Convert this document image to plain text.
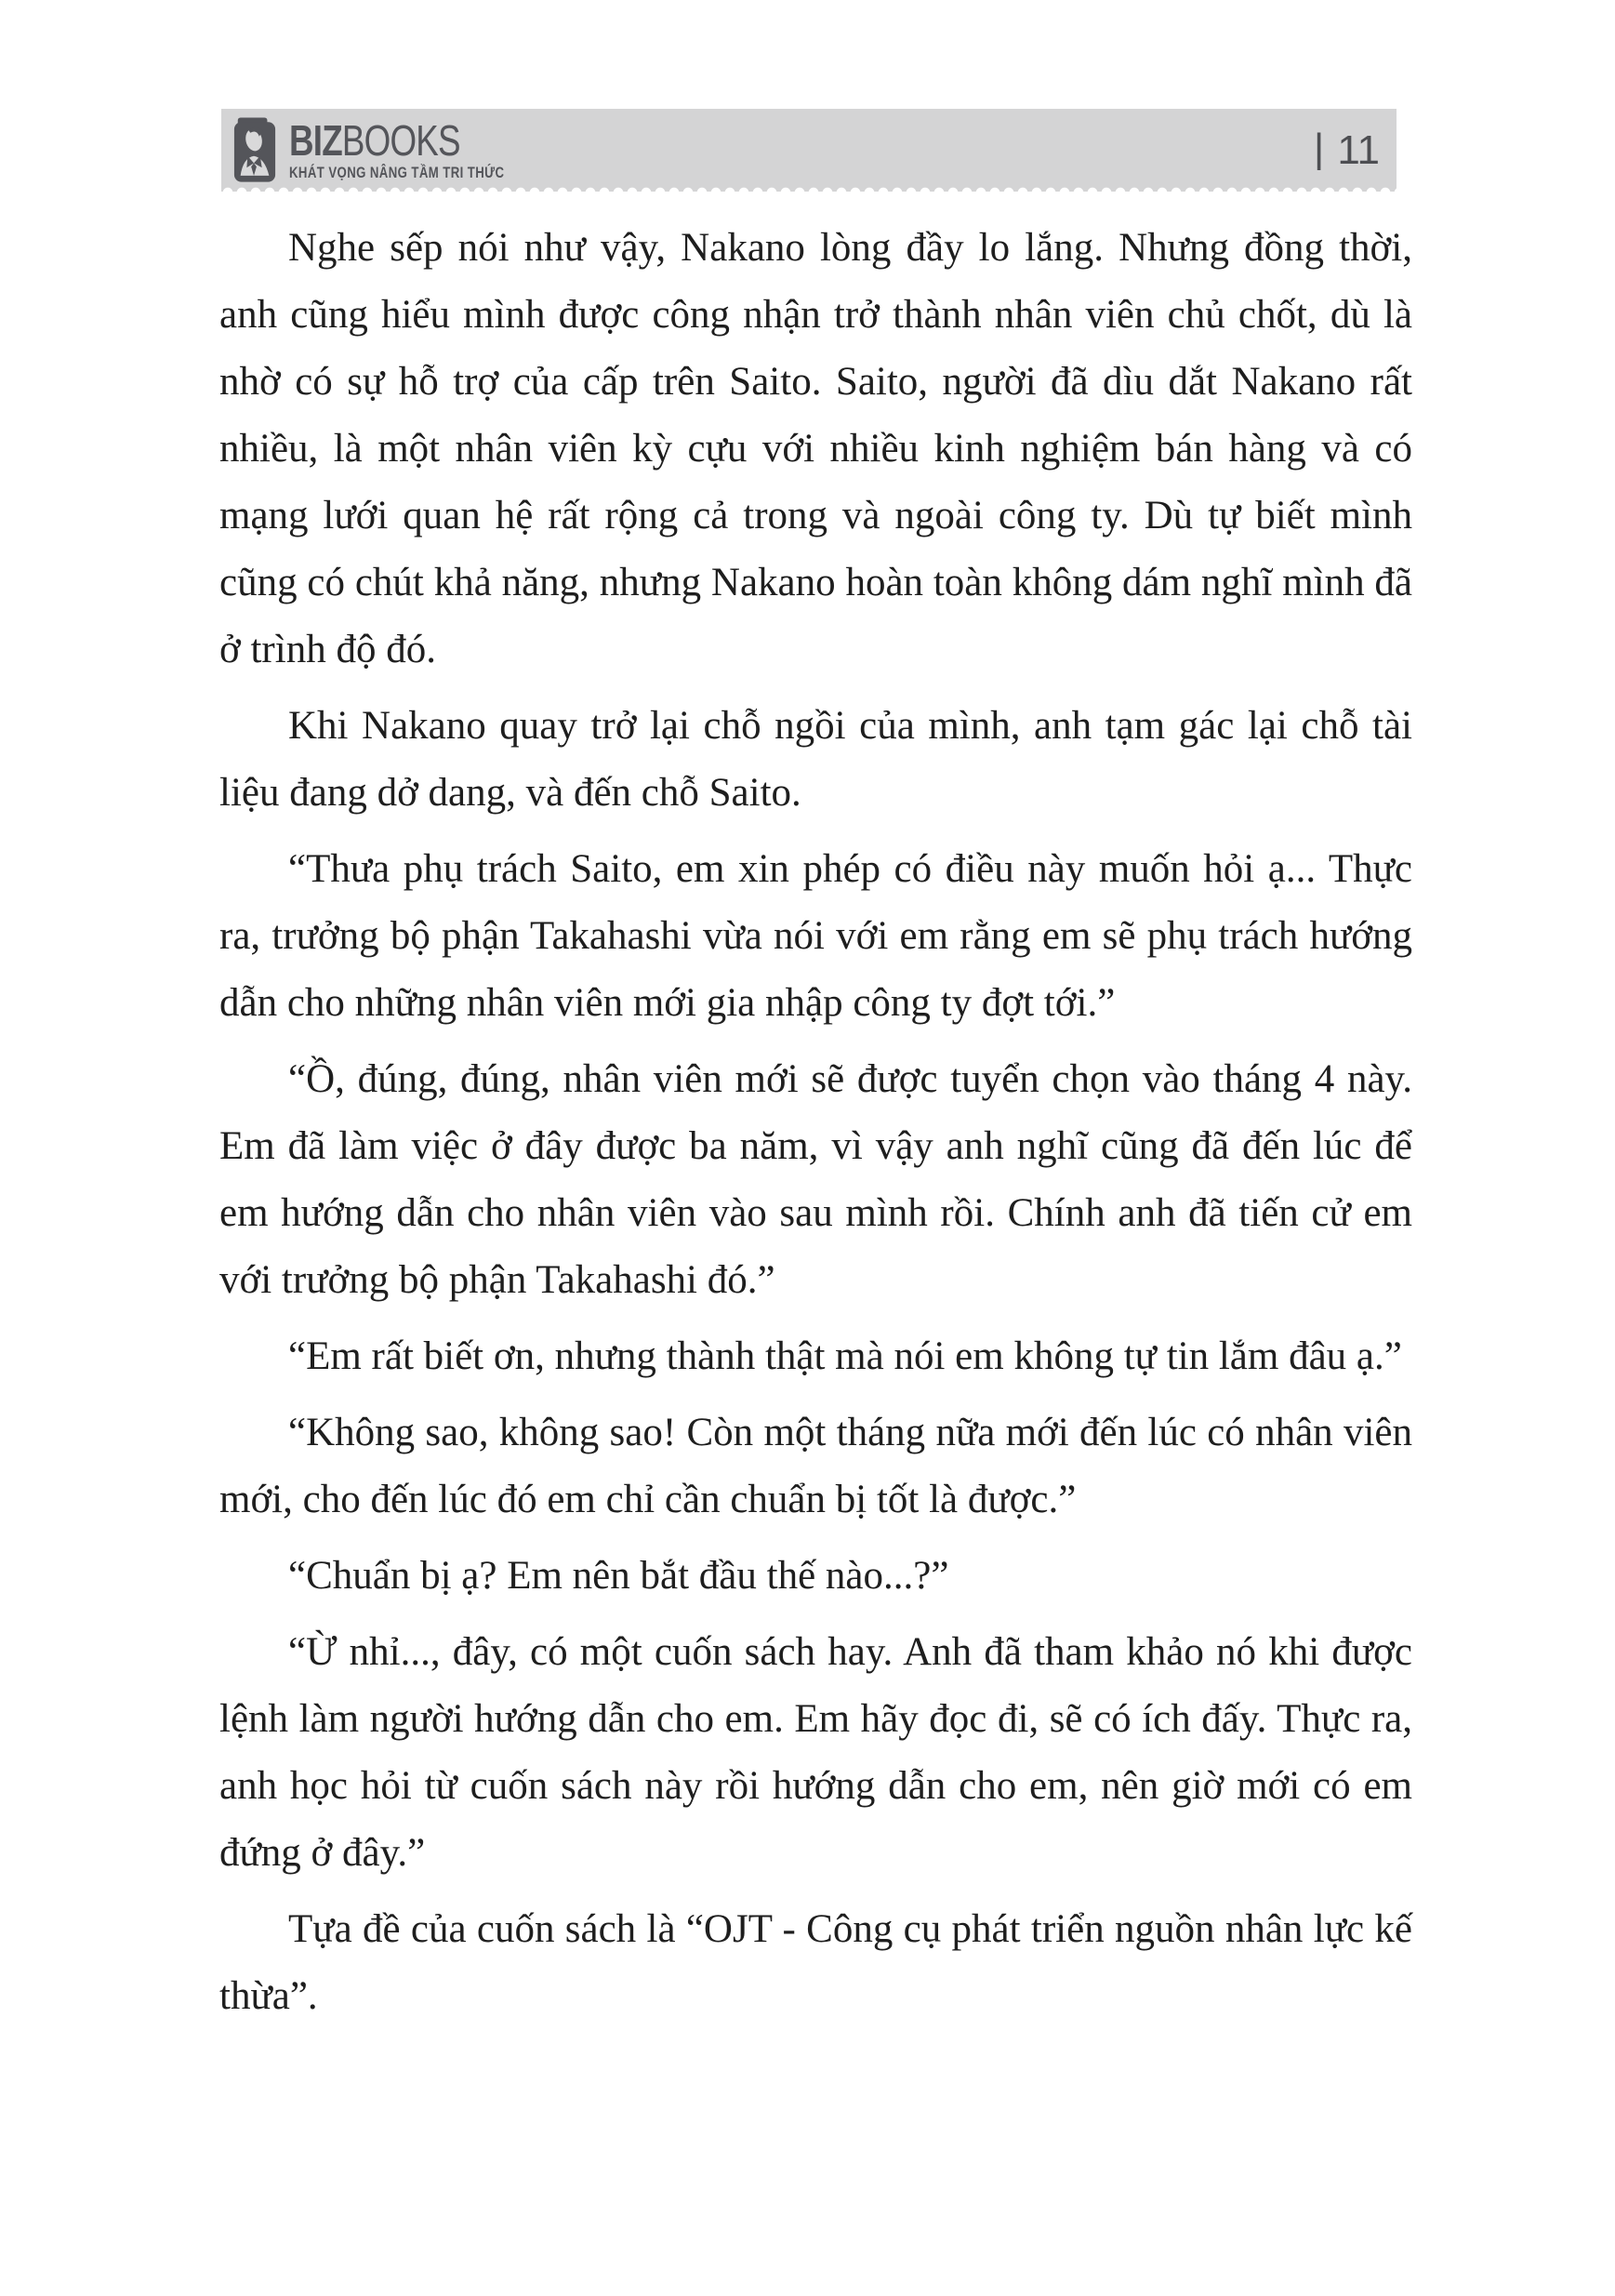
BIZBOOKS
KHÁT VỌNG NÂNG TẦM TRI THỨC
| 11

Nghe sếp nói như vậy, Nakano lòng đầy lo lắng. Nhưng đồng thời, anh cũng hiểu mình được công nhận trở thành nhân viên chủ chốt, dù là nhờ có sự hỗ trợ của cấp trên Saito. Saito, người đã dìu dắt Nakano rất nhiều, là một nhân viên kỳ cựu với nhiều kinh nghiệm bán hàng và có mạng lưới quan hệ rất rộng cả trong và ngoài công ty. Dù tự biết mình cũng có chút khả năng, nhưng Nakano hoàn toàn không dám nghĩ mình đã ở trình độ đó.

Khi Nakano quay trở lại chỗ ngồi của mình, anh tạm gác lại chỗ tài liệu đang dở dang, và đến chỗ Saito.

“Thưa phụ trách Saito, em xin phép có điều này muốn hỏi ạ... Thực ra, trưởng bộ phận Takahashi vừa nói với em rằng em sẽ phụ trách hướng dẫn cho những nhân viên mới gia nhập công ty đợt tới.”

“Ồ, đúng, đúng, nhân viên mới sẽ được tuyển chọn vào tháng 4 này. Em đã làm việc ở đây được ba năm, vì vậy anh nghĩ cũng đã đến lúc để em hướng dẫn cho nhân viên vào sau mình rồi. Chính anh đã tiến cử em với trưởng bộ phận Takahashi đó.”

“Em rất biết ơn, nhưng thành thật mà nói em không tự tin lắm đâu ạ.”

“Không sao, không sao! Còn một tháng nữa mới đến lúc có nhân viên mới, cho đến lúc đó em chỉ cần chuẩn bị tốt là được.”

“Chuẩn bị ạ? Em nên bắt đầu thế nào...?”

“Ừ nhỉ..., đây, có một cuốn sách hay. Anh đã tham khảo nó khi được lệnh làm người hướng dẫn cho em. Em hãy đọc đi, sẽ có ích đấy. Thực ra, anh học hỏi từ cuốn sách này rồi hướng dẫn cho em, nên giờ mới có em đứng ở đây.”

Tựa đề của cuốn sách là “OJT - Công cụ phát triển nguồn nhân lực kế thừa”.
